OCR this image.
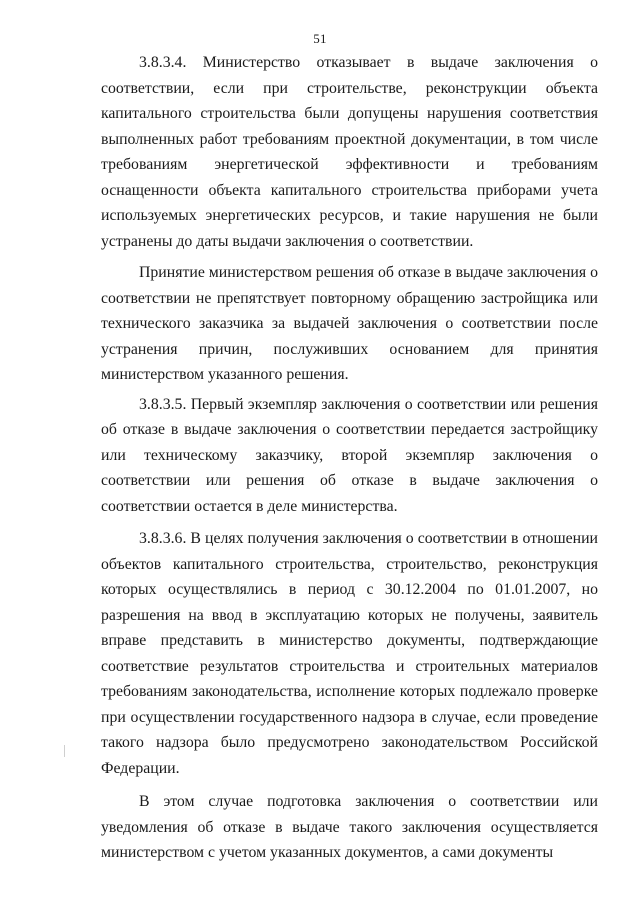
51

3.8.3.4. Министерство отказывает в выдаче заключения о соответствии, если при строительстве, реконструкции объекта капитального строительства были допущены нарушения соответствия выполненных работ требованиям проектной документации, в том числе требованиям энергетической эффективности и требованиям оснащенности объекта капитального строительства приборами учета используемых энергетических ресурсов, и такие нарушения не были устранены до даты выдачи заключения о соответствии.

Принятие министерством решения об отказе в выдаче заключения о соответствии не препятствует повторному обращению застройщика или технического заказчика за выдачей заключения о соответствии после устранения причин, послуживших основанием для принятия министерством указанного решения.

3.8.3.5. Первый экземпляр заключения о соответствии или решения об отказе в выдаче заключения о соответствии передается застройщику или техническому заказчику, второй экземпляр заключения о соответствии или решения об отказе в выдаче заключения о соответствии остается в деле министерства.

3.8.3.6. В целях получения заключения о соответствии в отношении объектов капитального строительства, строительство, реконструкция которых осуществлялись в период с 30.12.2004 по 01.01.2007, но разрешения на ввод в эксплуатацию которых не получены, заявитель вправе представить в министерство документы, подтверждающие соответствие результатов строительства и строительных материалов требованиям законодательства, исполнение которых подлежало проверке при осуществлении государственного надзора в случае, если проведение такого надзора было предусмотрено законодательством Российской Федерации.

В этом случае подготовка заключения о соответствии или уведомления об отказе в выдаче такого заключения осуществляется министерством с учетом указанных документов, а сами документы
